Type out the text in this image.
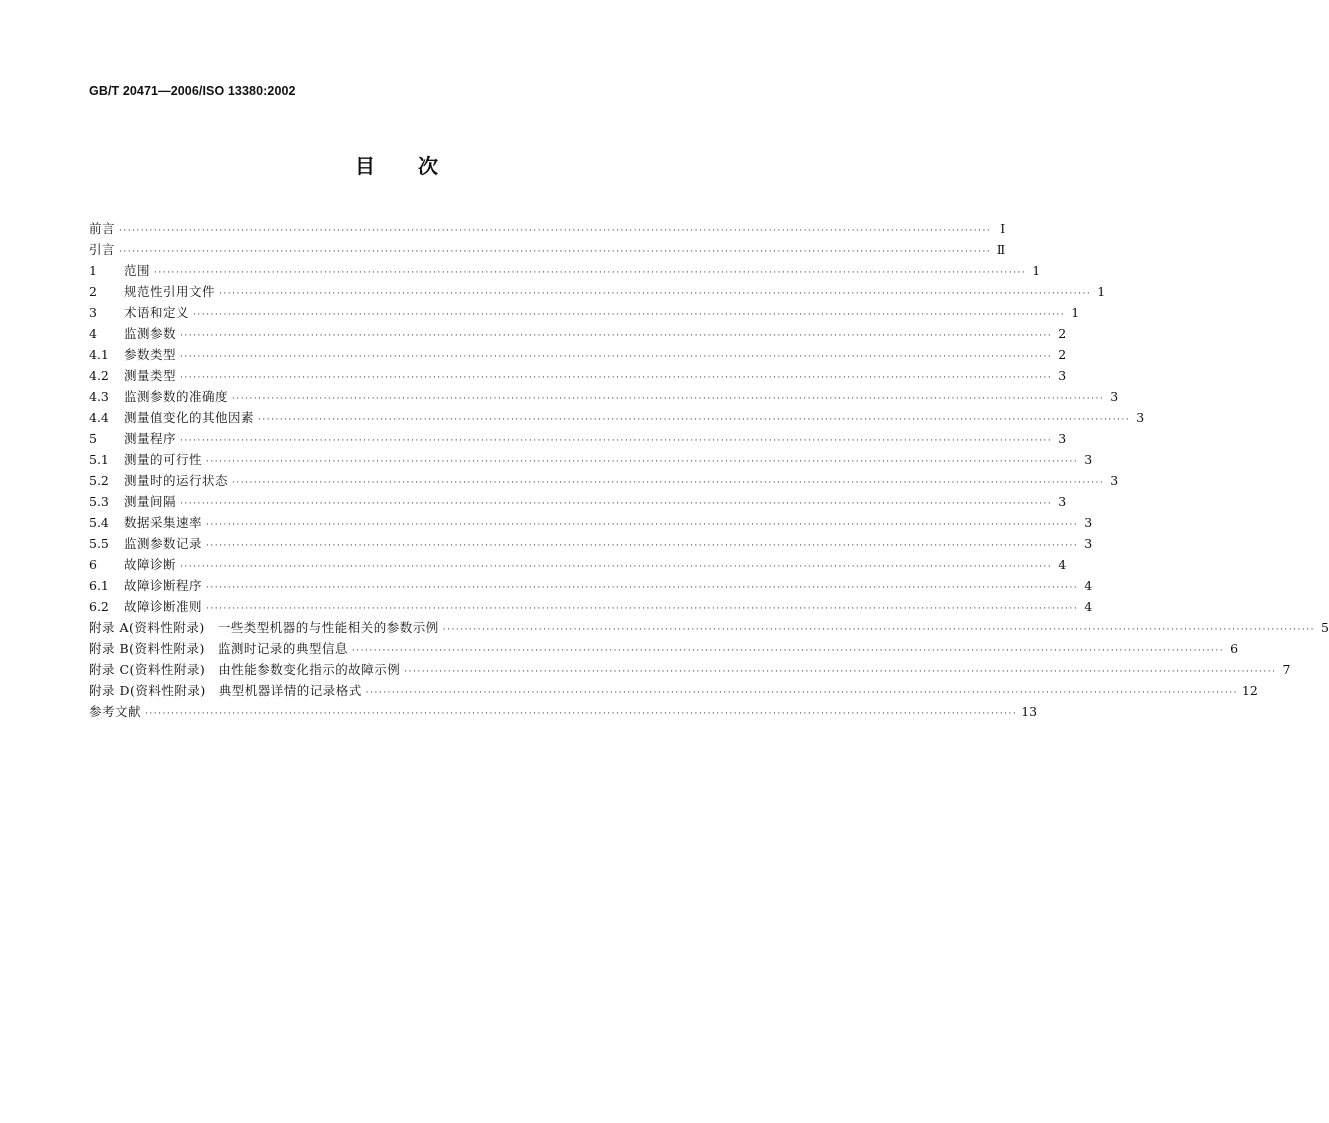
GB/T 20471—2006/ISO 13380:2002
目　　次
前言 ········································································································································································································ Ⅰ
引言 ········································································································································································································ Ⅱ
1	范围 ········································································································································································································ 1
2	规范性引用文件 ········································································································································································································ 1
3	术语和定义 ········································································································································································································ 1
4	监测参数 ········································································································································································································ 2
4.1	参数类型 ········································································································································································································ 2
4.2	测量类型 ········································································································································································································ 3
4.3	监测参数的准确度 ········································································································································································································ 3
4.4	测量值变化的其他因素 ········································································································································································································ 3
5	测量程序 ········································································································································································································ 3
5.1	测量的可行性 ········································································································································································································ 3
5.2	测量时的运行状态 ········································································································································································································ 3
5.3	测量间隔 ········································································································································································································ 3
5.4	数据采集速率 ········································································································································································································ 3
5.5	监测参数记录 ········································································································································································································ 3
6	故障诊断 ········································································································································································································ 4
6.1	故障诊断程序 ········································································································································································································ 4
6.2	故障诊断准则 ········································································································································································································ 4
附录 A(资料性附录)　一些类型机器的与性能相关的参数示例 ········································································································································································································ 5
附录 B(资料性附录)　监测时记录的典型信息 ········································································································································································································ 6
附录 C(资料性附录)　由性能参数变化指示的故障示例 ········································································································································································································ 7
附录 D(资料性附录)　典型机器详情的记录格式 ········································································································································································································ 12
参考文献 ········································································································································································································ 13
